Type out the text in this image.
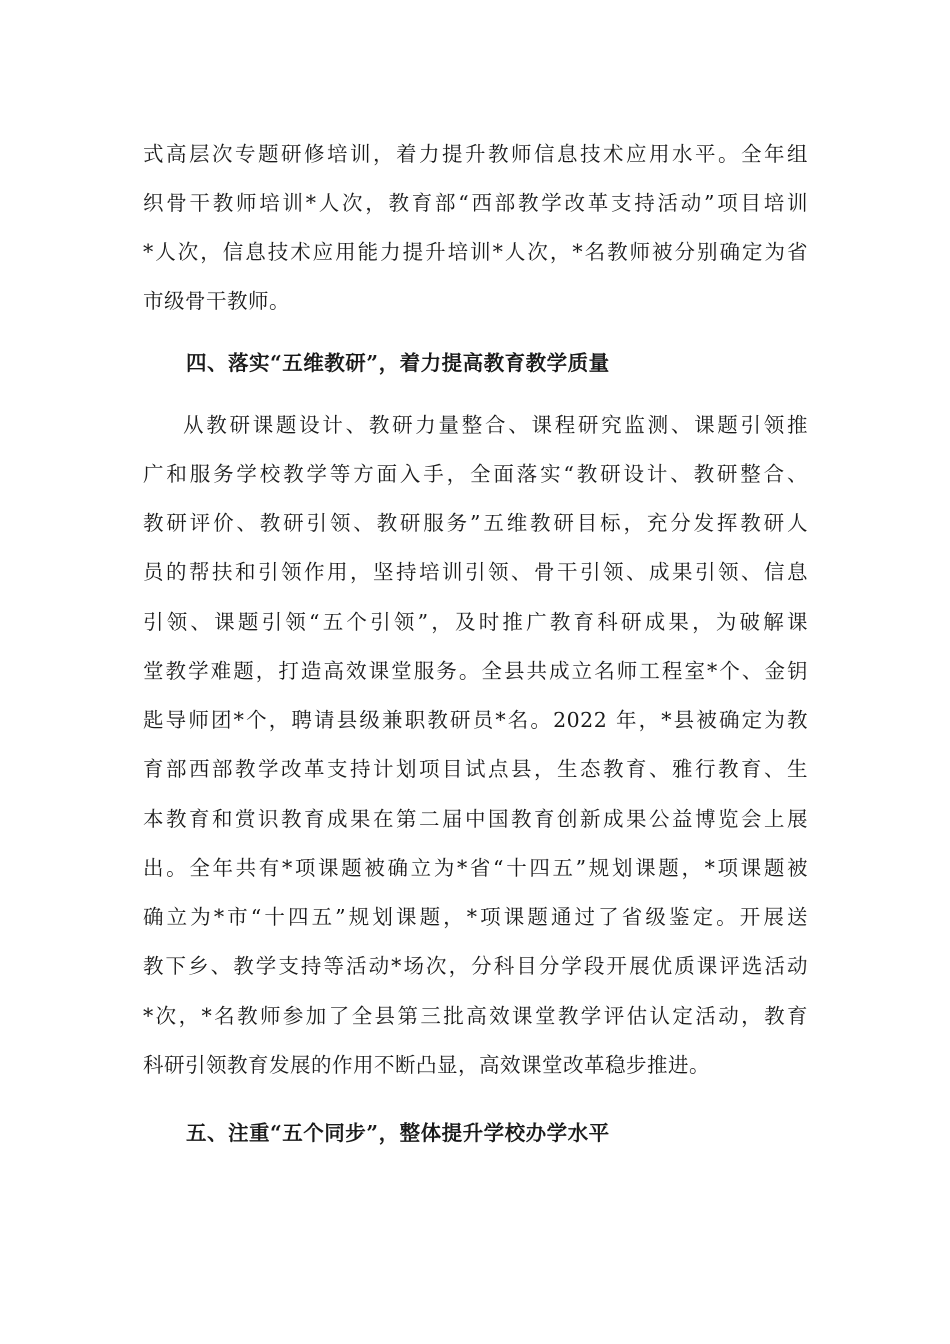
式高层次专题研修培训，着力提升教师信息技术应用水平。全年组
织骨干教师培训*人次，教育部“西部教学改革支持活动”项目培训
*人次，信息技术应用能力提升培训*人次，*名教师被分别确定为省
市级骨干教师。
四、落实“五维教研”，着力提高教育教学质量
从教研课题设计、教研力量整合、课程研究监测、课题引领推
广和服务学校教学等方面入手，全面落实“教研设计、教研整合、
教研评价、教研引领、教研服务”五维教研目标，充分发挥教研人
员的帮扶和引领作用，坚持培训引领、骨干引领、成果引领、信息
引领、课题引领“五个引领”，及时推广教育科研成果，为破解课
堂教学难题，打造高效课堂服务。全县共成立名师工程室*个、金钥
匙导师团*个，聘请县级兼职教研员*名。2022 年，*县被确定为教
育部西部教学改革支持计划项目试点县，生态教育、雅行教育、生
本教育和赏识教育成果在第二届中国教育创新成果公益博览会上展
出。全年共有*项课题被确立为*省“十四五”规划课题，*项课题被
确立为*市“十四五”规划课题，*项课题通过了省级鉴定。开展送
教下乡、教学支持等活动*场次，分科目分学段开展优质课评选活动
*次，*名教师参加了全县第三批高效课堂教学评估认定活动，教育
科研引领教育发展的作用不断凸显，高效课堂改革稳步推进。
五、注重“五个同步”，整体提升学校办学水平
